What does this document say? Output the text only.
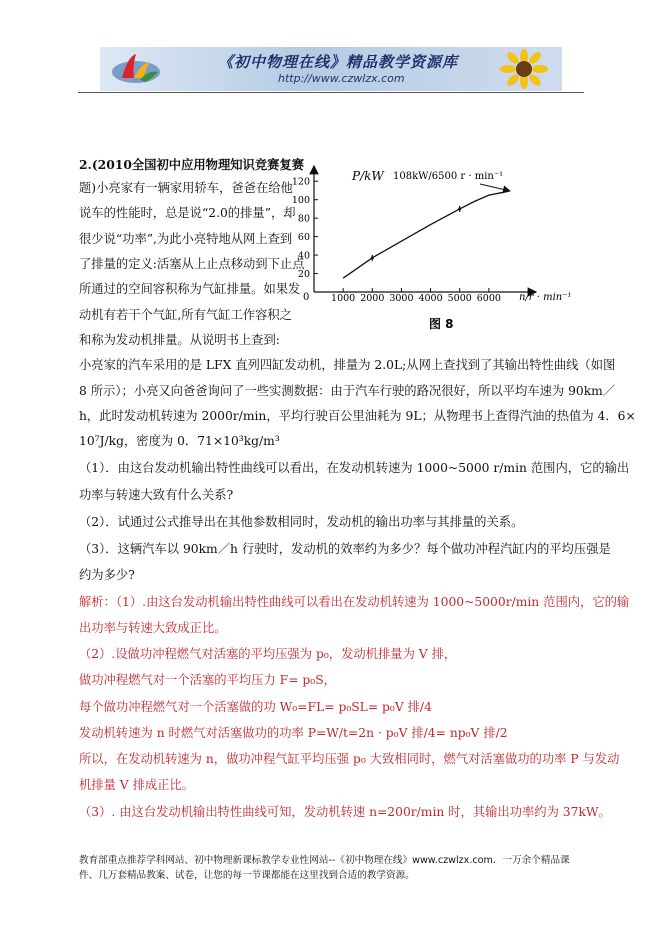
《初中物理在线》精品教学资源库
http://www.czwlzx.com
2.(2010全国初中应用物理知识竞赛复赛
题)小亮家有一辆家用轿车，爸爸在给他
说车的性能时，总是说“2.0的排量”，却
很少说“功率”,为此小亮特地从网上查到
了排量的定义:活塞从上止点移动到下止点
所通过的空间容积称为气缸排量。如果发
动机有若干个气缸,所有气缸工作容积之
和称为发动机排量。从说明书上查到:
小亮家的汽车采用的是 LFX 直列四缸发动机，排量为 2.0L;从网上查找到了其输出特性曲线（如图
8 所示）；小亮又向爸爸询问了一些实测数据：由于汽车行驶的路况很好，所以平均车速为 90km／
h，此时发动机转速为 2000r/min，平均行驶百公里油耗为 9L；从物理书上查得汽油的热值为 4．6×
10⁷J/kg，密度为 0．71×10³kg/m³
（1）．由这台发动机输出特性曲线可以看出，在发动机转速为 1000~5000 r/min 范围内，它的输出
功率与转速大致有什么关系?
（2）．试通过公式推导出在其他参数相同时，发动机的输出功率与其排量的关系。
（3）．这辆汽车以 90km／h 行驶时，发动机的效率约为多少？每个做功冲程汽缸内的平均压强是
约为多少?
解析：（1）.由这台发动机输出特性曲线可以看出在发动机转速为 1000~5000r/min 范围内，它的输
出功率与转速大致成正比。
（2）.设做功冲程燃气对活塞的平均压强为 p₀，发动机排量为 V 排，
做功冲程燃气对一个活塞的平均压力 F= p₀S，
每个做功冲程燃气对一个活塞做的功 W₀=FL= p₀SL= p₀V 排/4
发动机转速为 n 时燃气对活塞做功的功率 P=W/t=2n · p₀V 排/4= np₀V 排/2
所以，在发动机转速为 n，做功冲程气缸平均压强 p₀ 大致相同时，燃气对活塞做功的功率 P 与发动
机排量 V 排成正比。
（3）. 由这台发动机输出特性曲线可知，发动机转速 n=200r/min 时，其输出功率约为 37kW。
1000 2000 3000 4000 5000 6000
20
40
60
80
100
120	P/kW
n/r · min⁻¹
0
108kW/6500 r · min⁻¹
图 8
教育部重点推荐学科网站、初中物理新课标教学专业性网站--《初中物理在线》www.czwlzx.com．一万余个精品课
件、几万套精品教案、试卷，让您的每一节课都能在这里找到合适的教学资源。
